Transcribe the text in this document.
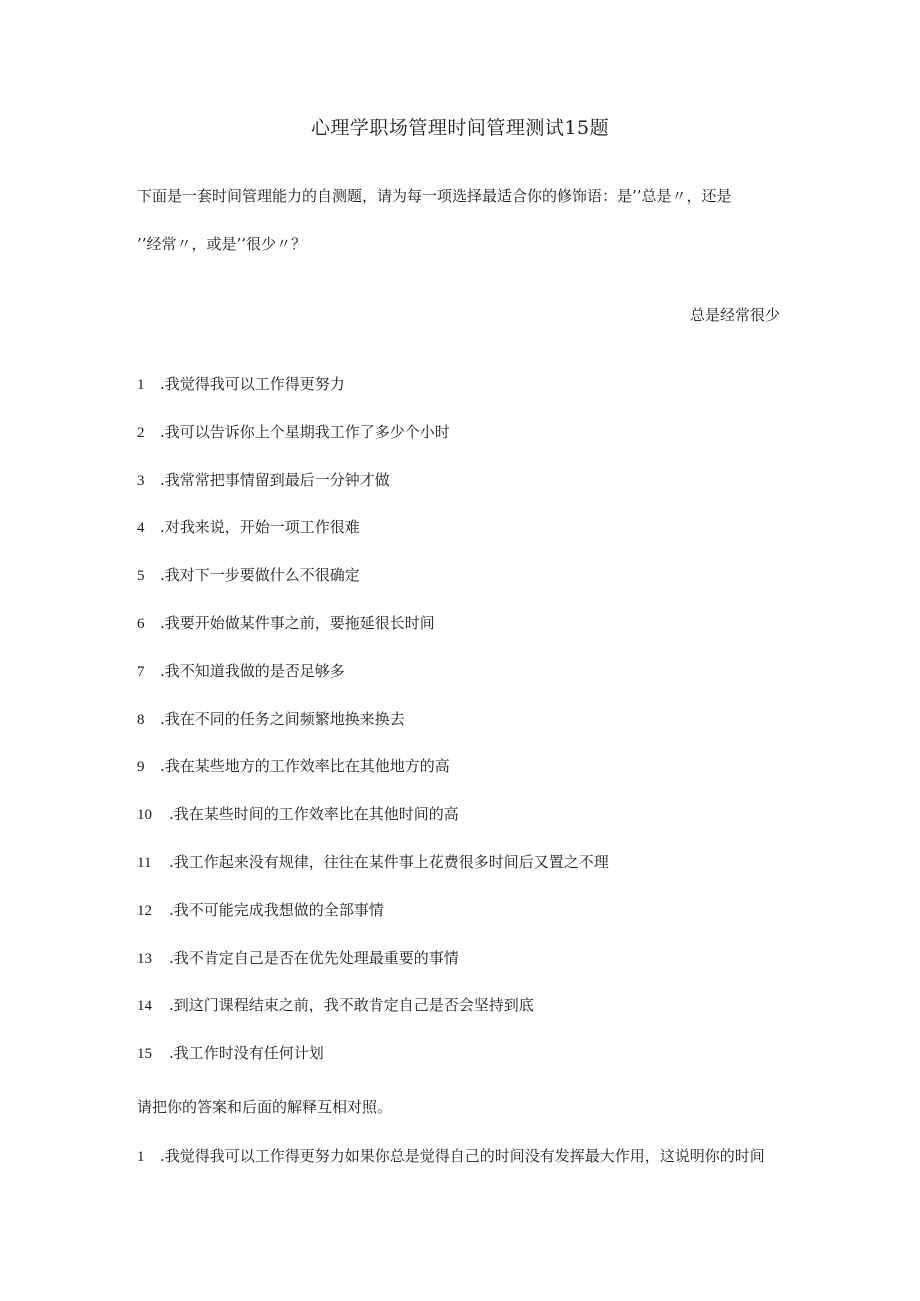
心理学职场管理时间管理测试15题
下面是一套时间管理能力的自测题，请为每一项选择最适合你的修饰语：是’’总是〃，还是
’’经常〃，或是’’很少〃？
总是经常很少
1 .我觉得我可以工作得更努力
2 .我可以告诉你上个星期我工作了多少个小时
3 .我常常把事情留到最后一分钟才做
4 .对我来说，开始一项工作很难
5 .我对下一步要做什么不很确定
6 .我要开始做某件事之前，要拖延很长时间
7 .我不知道我做的是否足够多
8 .我在不同的任务之间频繁地换来换去
9 .我在某些地方的工作效率比在其他地方的高
10 .我在某些时间的工作效率比在其他时间的高
11 .我工作起来没有规律，往往在某件事上花费很多时间后又置之不理
12 .我不可能完成我想做的全部事情
13 .我不肯定自己是否在优先处理最重要的事情
14 .到这门课程结束之前，我不敢肯定自己是否会坚持到底
15 .我工作时没有任何计划
请把你的答案和后面的解释互相对照。
1 .我觉得我可以工作得更努力如果你总是觉得自己的时间没有发挥最大作用，这说明你的时间
